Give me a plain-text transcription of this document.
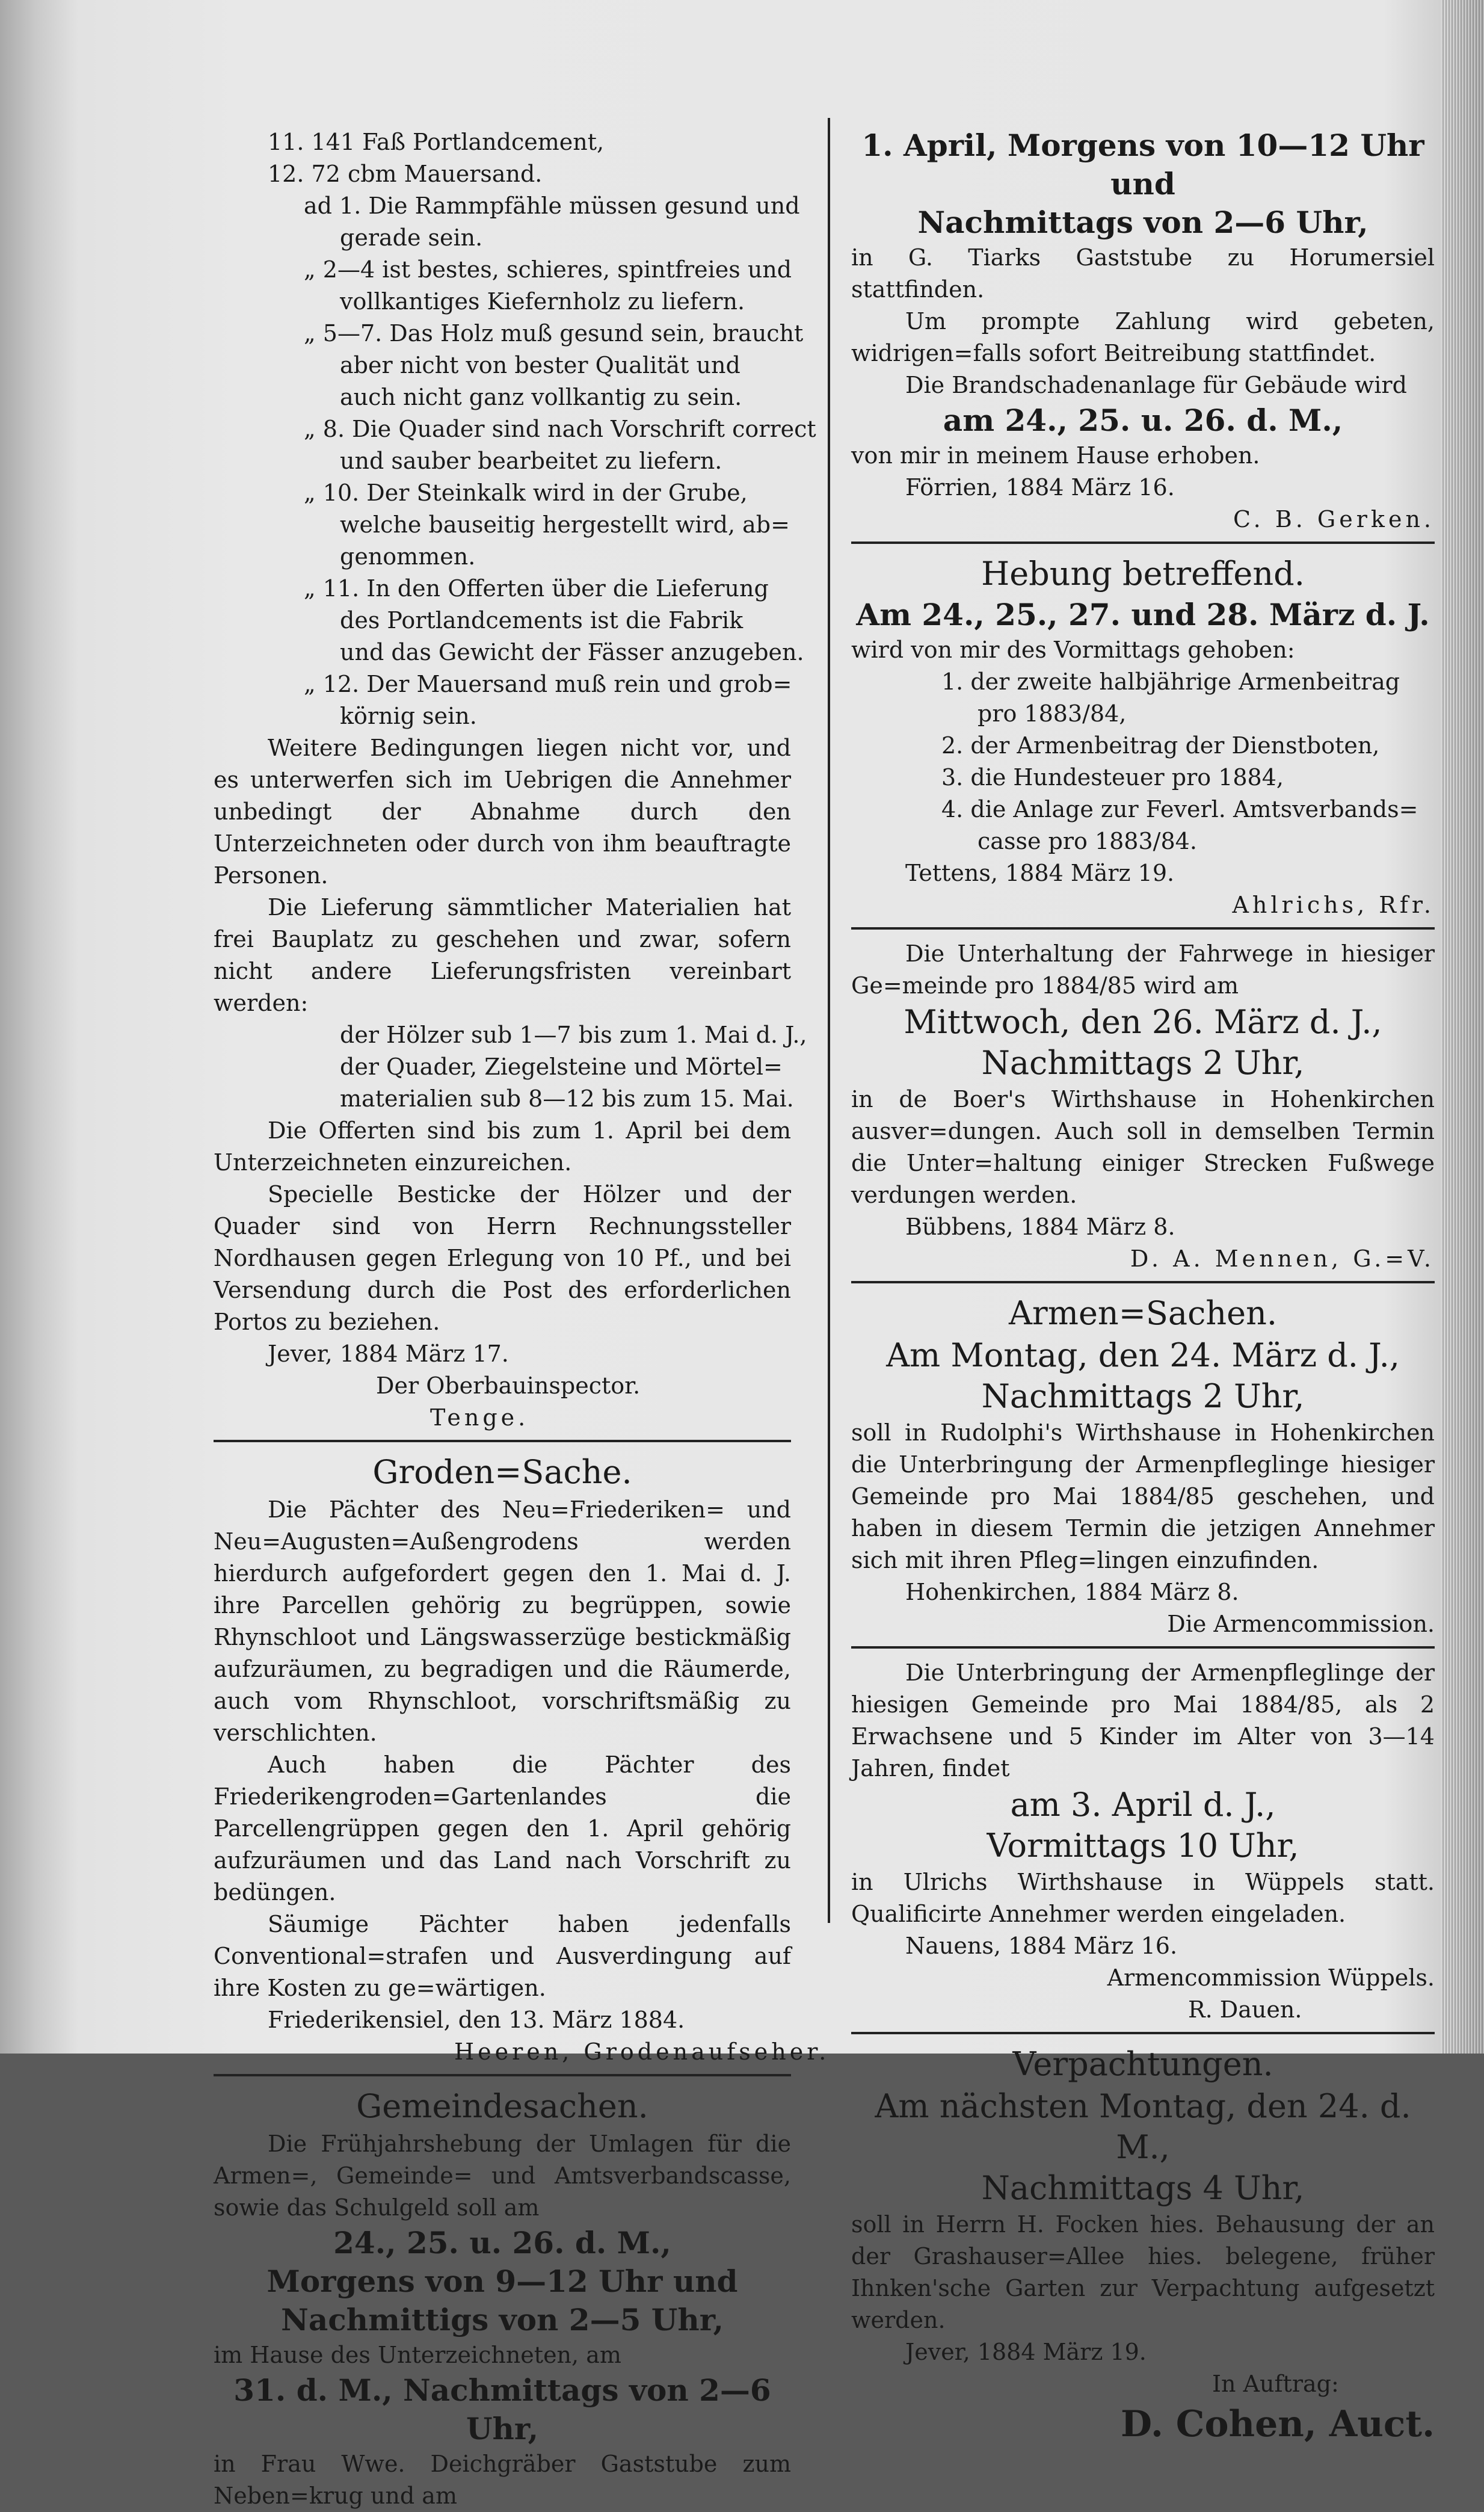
11. 141 Faß Portlandcement,
12. 72 cbm Mauersand.
ad 1. Die Rammpfähle müssen gesund und
gerade sein.
„ 2—4 ist bestes, schieres, spintfreies und
vollkantiges Kiefernholz zu liefern.
„ 5—7. Das Holz muß gesund sein, braucht
aber nicht von bester Qualität und
auch nicht ganz vollkantig zu sein.
„ 8. Die Quader sind nach Vorschrift correct
und sauber bearbeitet zu liefern.
„ 10. Der Steinkalk wird in der Grube,
welche bauseitig hergestellt wird, ab=
genommen.
„ 11. In den Offerten über die Lieferung
des Portlandcements ist die Fabrik
und das Gewicht der Fässer anzugeben.
„ 12. Der Mauersand muß rein und grob=
körnig sein.

Weitere Bedingungen liegen nicht vor, und es unterwerfen sich im Uebrigen die Annehmer unbedingt der Abnahme durch den Unterzeichneten oder durch von ihm beauftragte Personen.

Die Lieferung sämmtlicher Materialien hat frei Bauplatz zu geschehen und zwar, sofern nicht andere Lieferungsfristen vereinbart werden:

der Hölzer sub 1—7 bis zum 1. Mai d. J.,
der Quader, Ziegelsteine und Mörtel=
materialien sub 8—12 bis zum 15. Mai.

Die Offerten sind bis zum 1. April bei dem Unterzeichneten einzureichen.

Specielle Besticke der Hölzer und der Quader sind von Herrn Rechnungssteller Nordhausen gegen Erlegung von 10 Pf., und bei Versendung durch die Post des erforderlichen Portos zu beziehen.

Jever, 1884 März 17.
Der Oberbauinspector.
Tenge.
Groden=Sache.

Die Pächter des Neu=Friederiken= und Neu=Augusten=Außengrodens werden hierdurch aufgefordert gegen den 1. Mai d. J. ihre Parcellen gehörig zu begrüppen, sowie Rhynschloot und Längswasserzüge bestickmäßig aufzuräumen, zu begradigen und die Räumerde, auch vom Rhynschloot, vorschriftsmäßig zu verschlichten.

Auch haben die Pächter des Friederikengroden=Gartenlandes die Parcellengrüppen gegen den 1. April gehörig aufzuräumen und das Land nach Vorschrift zu bedüngen.

Säumige Pächter haben jedenfalls Conventional=strafen und Ausverdingung auf ihre Kosten zu ge=wärtigen.

Friederikensiel, den 13. März 1884.
Heeren, Grodenaufseher.
Gemeindesachen.

Die Frühjahrshebung der Umlagen für die Armen=, Gemeinde= und Amtsverbandscasse, sowie das Schulgeld soll am

24., 25. u. 26. d. M.,
Morgens von 9—12 Uhr und
Nachmittigs von 2—5 Uhr,

im Hause des Unterzeichneten, am

31. d. M., Nachmittags von 2—6 Uhr,

in Frau Wwe. Deichgräber Gaststube zum Neben=krug und am

1. April, Morgens von 10—12 Uhr und
Nachmittags von 2—6 Uhr,

in G. Tiarks Gaststube zu Horumersiel stattfinden.

Um prompte Zahlung wird gebeten, widrigen=falls sofort Beitreibung stattfindet.

Die Brandschadenanlage für Gebäude wird

am 24., 25. u. 26. d. M.,

von mir in meinem Hause erhoben.

Förrien, 1884 März 16.
C. B. Gerken.
Hebung betreffend.
Am 24., 25., 27. und 28. März d. J.

wird von mir des Vormittags gehoben:

1. der zweite halbjährige Armenbeitrag
pro 1883/84,
2. der Armenbeitrag der Dienstboten,
3. die Hundesteuer pro 1884,
4. die Anlage zur Feverl. Amtsverbands=
casse pro 1883/84.
Tettens, 1884 März 19.
Ahlrichs, Rfr.

Die Unterhaltung der Fahrwege in hiesiger Ge=meinde pro 1884/85 wird am

Mittwoch, den 26. März d. J.,
Nachmittags 2 Uhr,

in de Boer's Wirthshause in Hohenkirchen ausver=dungen. Auch soll in demselben Termin die Unter=haltung einiger Strecken Fußwege verdungen werden.

Bübbens, 1884 März 8.
D. A. Mennen, G.=V.
Armen=Sachen.
Am Montag, den 24. März d. J.,
Nachmittags 2 Uhr,

soll in Rudolphi's Wirthshause in Hohenkirchen die Unterbringung der Armenpfleglinge hiesiger Gemeinde pro Mai 1884/85 geschehen, und haben in diesem Termin die jetzigen Annehmer sich mit ihren Pfleg=lingen einzufinden.

Hohenkirchen, 1884 März 8.
Die Armencommission.

Die Unterbringung der Armenpfleglinge der hiesigen Gemeinde pro Mai 1884/85, als 2 Erwachsene und 5 Kinder im Alter von 3—14 Jahren, findet

am 3. April d. J.,
Vormittags 10 Uhr,

in Ulrichs Wirthshause in Wüppels statt. Qualificirte Annehmer werden eingeladen.

Nauens, 1884 März 16.
Armencommission Wüppels.
R. Dauen.
Verpachtungen.
Am nächsten Montag, den 24. d. M.,
Nachmittags 4 Uhr,

soll in Herrn H. Focken hies. Behausung der an der Grashauser=Allee hies. belegene, früher Ihnken'sche Garten zur Verpachtung aufgesetzt werden.

Jever, 1884 März 19.
In Auftrag:
D. Cohen, Auct.
